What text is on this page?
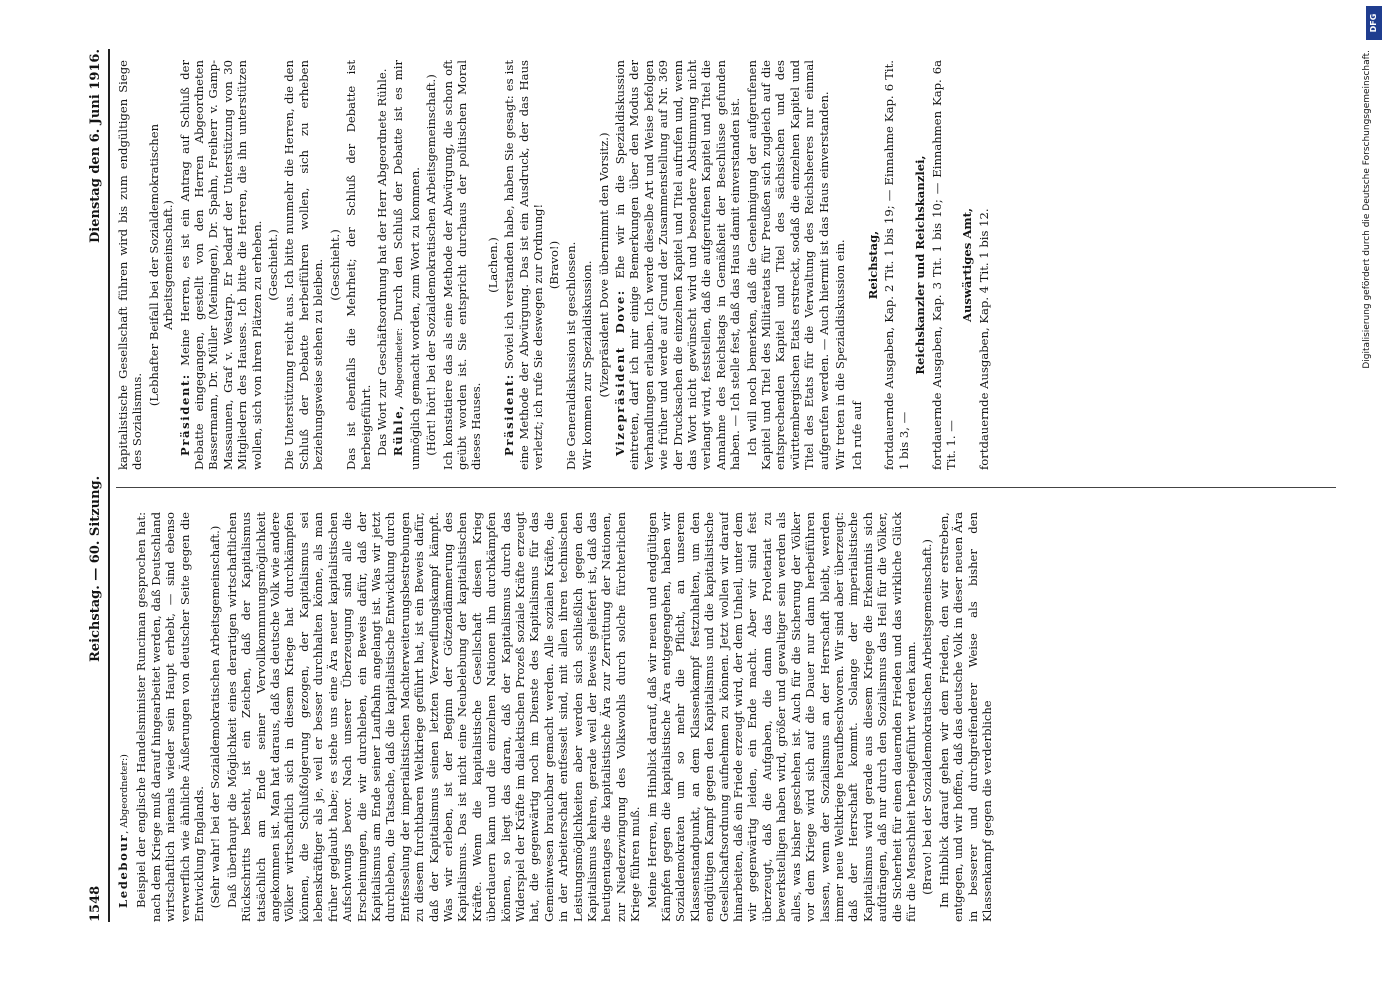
1548
Reichstag. — 60. Sitzung.
Dienstag den 6. Juni 1916.

Ledebour, Abgeordneter:) Beispiel der englische Handelsminister Runciman gesprochen hat: nach dem Kriege muß darauf hingearbeitet werden, daß Deutschland wirtschaftlich niemals wieder sein Haupt erhebt, — sind ebenso verwerflich wie ähnliche Äußerungen von deutscher Seite gegen die Entwicklung Englands. (Sehr wahr! bei der Sozialdemokratischen Arbeitsgemeinschaft.) Daß überhaupt die Möglichkeit eines derartigen wirtschaftlichen Rückschritts besteht, ist ein Zeichen, daß der Kapitalismus tatsächlich am Ende seiner Vervollkommnungsmöglichkeit angekommen ist. Man hat daraus, daß das deutsche Volk wie andere Völker wirtschaftlich sich in diesem Kriege hat durchkämpfen können, die Schlußfolgerung gezogen, der Kapitalismus sei lebenskräftiger als je, weil er besser durchhalten könne, als man früher geglaubt habe; es stehe uns eine Ära neuer kapitalistischen Aufschwungs bevor. Nach unserer Überzeugung sind alle die Erscheinungen, die wir durchleben, ein Beweis dafür, daß der Kapitalismus am Ende seiner Laufbahn angelangt ist. Was wir jetzt durchleben, die Tatsache, daß die kapitalistische Entwicklung durch Entfesselung der imperialistischen Machterweiterungsbestrebungen zu diesem furchtbaren Weltkriege geführt hat, ist ein Beweis dafür, daß der Kapitalismus seinen letzten Verzweiflungskampf kämpft. Was wir erleben, ist der Beginn der Götzendämmerung des Kapitalismus. Das ist nicht eine Neubelebung der kapitalistischen Kräfte. Wenn die kapitalistische Gesellschaft diesen Krieg überdauern kann und die einzelnen Nationen ihn durchkämpfen können, so liegt das daran, daß der Kapitalismus durch das Widerspiel der Kräfte im dialektischen Prozeß soziale Kräfte erzeugt hat, die gegenwärtig noch im Dienste des Kapitalismus für das Gemeinwesen brauchbar gemacht werden. Alle sozialen Kräfte, die in der Arbeiterschaft entfesselt sind, mit allen ihren technischen Leistungsmöglichkeiten aber werden sich schließlich gegen den Kapitalismus kehren, gerade weil der Beweis geliefert ist, daß das heutigentages die kapitalistische Ära zur Zerrüttung der Nationen, zur Niederzwingung des Volkswohls durch solche fürchterlichen Kriege führen muß. Meine Herren, im Hinblick darauf, daß wir neuen und endgültigen Kämpfen gegen die kapitalistische Ära entgegengehen, haben wir Sozialdemokraten um so mehr die Pflicht, an unserem Klassenstandpunkt, an dem Klassenkampf festzuhalten, um den endgültigen Kampf gegen den Kapitalismus und die kapitalistische Gesellschaftsordnung aufnehmen zu können. Jetzt wollen wir darauf hinarbeiten, daß ein Friede erzeugt wird, der dem Unheil, unter dem wir gegenwärtig leiden, ein Ende macht. Aber wir sind fest überzeugt, daß die Aufgaben, die dann das Proletariat zu bewerkstelligen haben wird, größer und gewaltiger sein werden als alles, was bisher geschehen ist. Auch für die Sicherung der Völker vor dem Kriege wird sich auf die Dauer nur dann herbeiführen lassen, wenn der Sozialismus an der Herrschaft bleibt, werden immer neue Weltkriege heraufbeschworen. Wir sind aber überzeugt: daß der Herrschaft kommt. Solange der imperialistische Kapitalismus wird gerade aus diesem Kriege die Erkenntnis sich aufdrängen, daß nur durch den Sozialismus das Heil für die Völker, die Sicherheit für einen dauernden Frieden und das wirkliche Glück für die Menschheit herbeigeführt werden kann. (Bravo! bei der Sozialdemokratischen Arbeitsgemeinschaft.) Im Hinblick darauf gehen wir dem Frieden, den wir erstreben, entgegen, und wir hoffen, daß das deutsche Volk in dieser neuen Ära in besserer und durchgreifenderer Weise als bisher den Klassenkampf gegen die verderbliche

kapitalistische Gesellschaft führen wird bis zum endgültigen Siege des Sozialismus.

(Lebhafter Beifall bei der Sozialdemokratischen Arbeitsgemeinschaft.)

Präsident: Meine Herren, es ist ein Antrag auf Schluß der Debatte eingegangen, gestellt von den Herren Abgeordneten Bassermann, Dr. Müller (Meiningen), Dr. Spahn, Freiherr v. Gamp-Massaunen, Graf v. Westarp. Er bedarf der Unterstützung von 30 Mitgliedern des Hauses. Ich bitte die Herren, die ihn unterstützen wollen, sich von ihren Plätzen zu erheben. (Geschieht.) Die Unterstützung reicht aus. Ich bitte nunmehr die Herren, die den Schluß der Debatte herbeiführen wollen, sich zu erheben beziehungsweise stehen zu bleiben. (Geschieht.) Das ist ebenfalls die Mehrheit; der Schluß der Debatte ist herbeigeführt. Das Wort zur Geschäftsordnung hat der Herr Abgeordnete Rühle. Rühle, Abgeordneter: Durch den Schluß der Debatte ist es mir unmöglich gemacht worden, zum Wort zu kommen. (Hört! hört! bei der Sozialdemokratischen Arbeitsgemeinschaft.) Ich konstatiere das als eine Methode der Abwürgung, die schon oft geübt worden ist. Sie entspricht durchaus der politischen Moral dieses Hauses.

(Lachen.)

Präsident: Soviel ich verstanden habe, haben Sie gesagt: es ist eine Methode der Abwürgung. Das ist ein Ausdruck, der das Haus verletzt; ich rufe Sie deswegen zur Ordnung! (Bravo!) Die Generaldiskussion ist geschlossen. Wir kommen zur Spezialdiskussion. (Vizepräsident Dove übernimmt den Vorsitz.) Vizepräsident Dove: Ehe wir in die Spezialdiskussion eintreten, darf ich mir einige Bemerkungen über den Modus der Verhandlungen erlauben. Ich werde dieselbe Art und Weise befolgen wie früher und werde auf Grund der Zusammenstellung auf Nr. 369 der Drucksachen die einzelnen Kapitel und Titel aufrufen und, wenn das Wort nicht gewünscht wird und besondere Abstimmung nicht verlangt wird, feststellen, daß die aufgerufenen Kapitel und Titel die Annahme des Reichstags in Gemäßheit der Beschlüsse gefunden haben. — Ich stelle fest, daß das Haus damit einverstanden ist. Ich will noch bemerken, daß die Genehmigung der aufgerufenen Kapitel und Titel des Militäretats für Preußen sich zugleich auf die entsprechenden Kapitel und Titel des sächsischen und des württembergischen Etats erstreckt, sodaß die einzelnen Kapitel und Titel des Etats für die Verwaltung des Reichsheeres nur einmal aufgerufen werden. — Auch hiermit ist das Haus einverstanden. Wir treten in die Spezialdiskussion ein. Ich rufe auf

Reichstag, fortdauernde Ausgaben, Kap. 2 Tit. 1 bis 19; — Einnahme Kap. 6 Tit. 1 bis 3, —

Reichskanzler und Reichskanzlei, fortdauernde Ausgaben, Kap. 3 Tit. 1 bis 10; — Einnahmen Kap. 6a Tit. 1. —

Auswärtiges Amt, fortdauernde Ausgaben, Kap. 4 Tit. 1 bis 12.

DFG
Digitalisierung gefördert durch die Deutsche Forschungsgemeinschaft.
